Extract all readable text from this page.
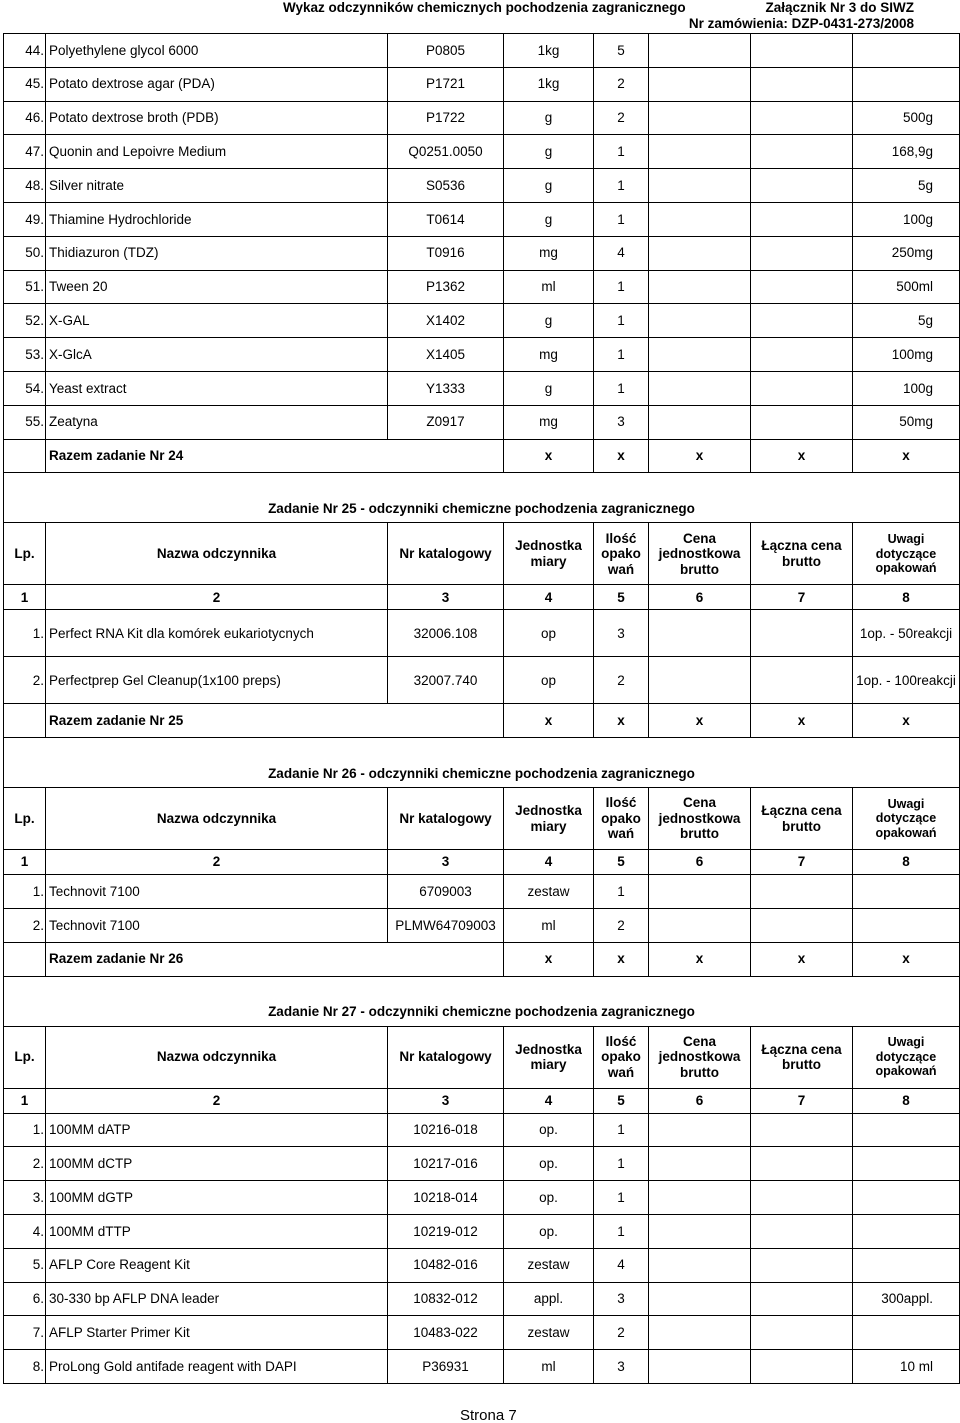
Wykaz odczynników chemicznych pochodzenia zagranicznego	Załącznik Nr 3 do SIWZ
Nr zamówienia: DZP-0431-273/2008
44.	Polyethylene glycol 6000	P0805	1kg	5			
45.	Potato dextrose agar (PDA)	P1721	1kg	2			
46.	Potato dextrose broth (PDB)	P1722	g	2			500g
47.	Quonin and Lepoivre Medium	Q0251.0050	g	1			168,9g
48.	Silver nitrate	S0536	g	1			5g
49.	Thiamine Hydrochloride	T0614	g	1			100g
50.	Thidiazuron (TDZ)	T0916	mg	4			250mg
51.	Tween 20	P1362	ml	1			500ml
52.	X-GAL	X1402	g	1			5g
53.	X-GlcA	X1405	mg	1			100mg
54.	Yeast extract	Y1333	g	1			100g
55.	Zeatyna	Z0917	mg	3			50mg
	Razem zadanie Nr 24		x	x	x	x	x
Zadanie Nr 25 - odczynniki chemiczne pochodzenia zagranicznego							
Lp.	Nazwa odczynnika	Nr katalogowy	Jednostka miary	Ilość opako wań	Cena jednostkowa brutto	Łączna cena brutto	Uwagi dotyczące opakowań
1	2	3	4	5	6	7	8
1.	Perfect RNA Kit dla komórek eukariotycnych	32006.108	op	3			1op. - 50reakcji
2.	Perfectprep Gel Cleanup(1x100 preps)	32007.740	op	2			1op. - 100reakcji
	Razem zadanie Nr 25		x	x	x	x	x
Zadanie Nr 26 - odczynniki chemiczne pochodzenia zagranicznego							
Lp.	Nazwa odczynnika	Nr katalogowy	Jednostka miary	Ilość opako wań	Cena jednostkowa brutto	Łączna cena brutto	Uwagi dotyczące opakowań
1	2	3	4	5	6	7	8
1.	Technovit 7100	6709003	zestaw	1			
2.	Technovit 7100	PLMW64709003	ml	2			
	Razem zadanie Nr 26		x	x	x	x	x
Zadanie Nr 27 - odczynniki chemiczne pochodzenia zagranicznego							
Lp.	Nazwa odczynnika	Nr katalogowy	Jednostka miary	Ilość opako wań	Cena jednostkowa brutto	Łączna cena brutto	Uwagi dotyczące opakowań
1	2	3	4	5	6	7	8
1.	100MM dATP	10216-018	op.	1			
2.	100MM dCTP	10217-016	op.	1			
3.	100MM dGTP	10218-014	op.	1			
4.	100MM dTTP	10219-012	op.	1			
5.	AFLP Core Reagent Kit	10482-016	zestaw	4			
6.	30-330 bp AFLP DNA leader	10832-012	appl.	3			300appl.
7.	AFLP Starter Primer Kit	10483-022	zestaw	2			
8.	ProLong Gold antifade reagent with DAPI	P36931	ml	3			10 ml
Strona 7
